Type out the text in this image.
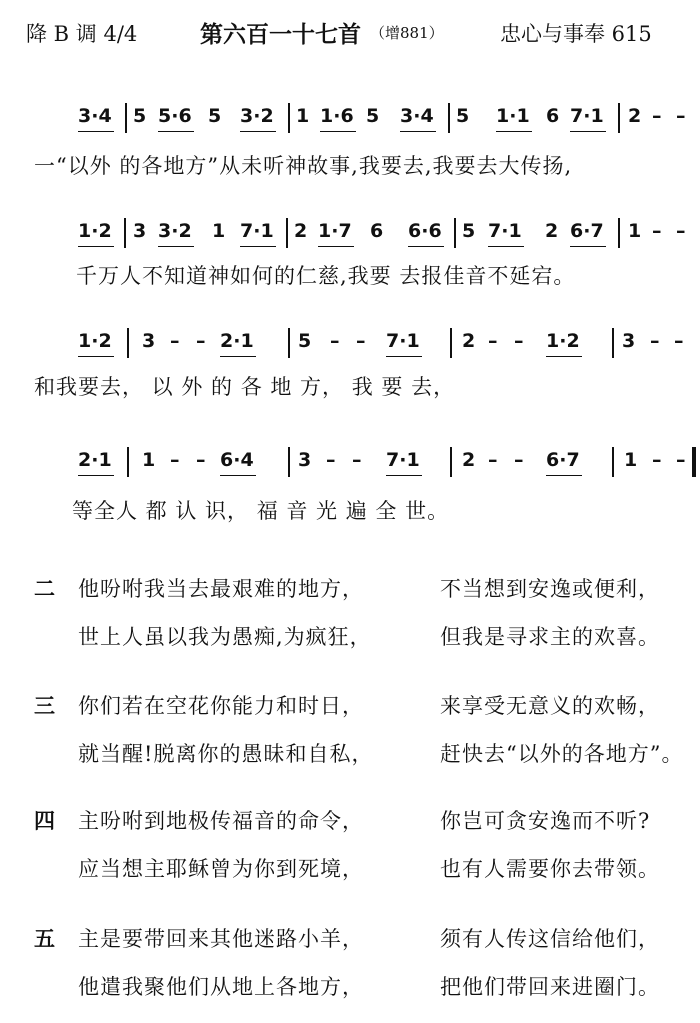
降 B 调 4/4	第六百一十七首 （增881）	忠心与事奉 615
3·4 5 5·6 5 3·2 1 1·6 5 3·4 5 1·1 6 7·1 2 – –
一“以外 的各地方”从未听神故事,我要去,我要去大传扬,
1·2 3 3·2 1 7·1 2 1·7 6 6·6 5 7·1 2 6·7 1 – –
千万人不知道神如何的仁慈,我要 去报佳音不延宕。
1·2 3 – – 2·1 5 – – 7·1 2 – – 1·2 3 – –
和我要去， 以 外 的 各 地 方， 我 要 去，
2·1 1 – – 6·4 3 – – 7·1 2 – – 6·7 1 – –
等全人 都 认 识， 福 音 光 遍 全 世。
二 他吩咐我当去最艰难的地方，	不当想到安逸或便利，
世上人虽以我为愚痴,为疯狂，	但我是寻求主的欢喜。
三 你们若在空花你能力和时日，	来享受无意义的欢畅，
就当醒!脱离你的愚昧和自私，	赶快去“以外的各地方”。
四 主吩咐到地极传福音的命令，	你岂可贪安逸而不听?
应当想主耶稣曾为你到死境，	也有人需要你去带领。
五 主是要带回来其他迷路小羊，	须有人传这信给他们，
他遣我聚他们从地上各地方，	把他们带回来进圈门。
